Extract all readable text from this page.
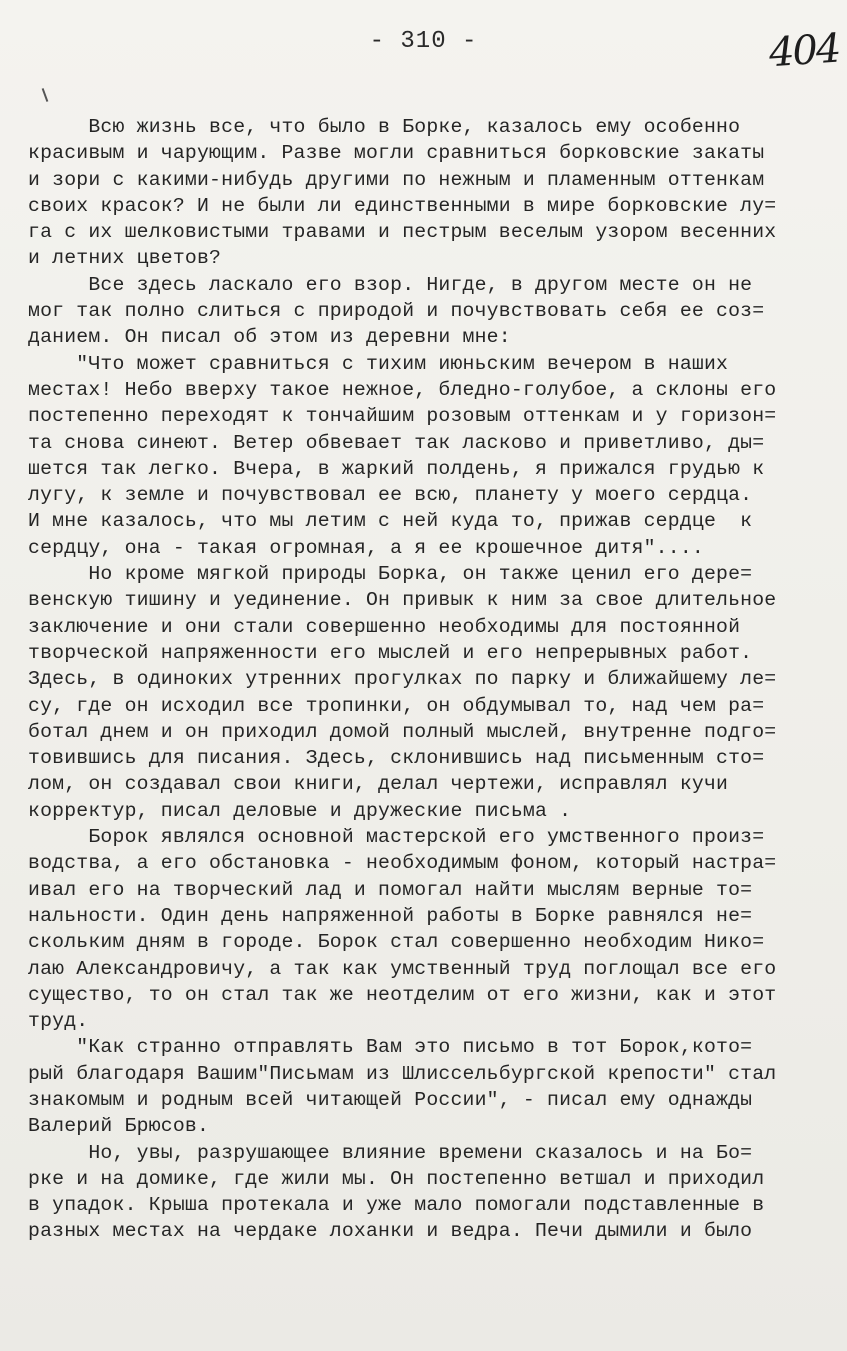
- 310 -	404
Всю жизнь все, что было в Борке, казалось ему особенно
красивым и чарующим. Разве могли сравниться борковские закаты
и зори с какими-нибудь другими по нежным и пламенным оттенкам
своих красок? И не были ли единственными в мире борковские лу=
га с их шелковистыми травами и пестрым веселым узором весенних
и летних цветов?
Все здесь ласкало его взор. Нигде, в другом месте он не
мог так полно слиться с природой и почувствовать себя ее соз=
данием. Он писал об этом из деревни мне:
"Что может сравниться с тихим июньским вечером в наших
местах! Небо вверху такое нежное, бледно-голубое, а склоны его
постепенно переходят к тончайшим розовым оттенкам и у горизон=
та снова синеют. Ветер обвевает так ласково и приветливо, ды=
шется так легко. Вчера, в жаркий полдень, я прижался грудью к
лугу, к земле и почувствовал ее всю, планету у моего сердца.
И мне казалось, что мы летим с ней куда то, прижав сердце  к
сердцу, она - такая огромная, а я ее крошечное дитя"....
Но кроме мягкой природы Борка, он также ценил его дере=
венскую тишину и уединение. Он привык к ним за свое длительное
заключение и они стали совершенно необходимы для постоянной
творческой напряженности его мыслей и его непрерывных работ.
Здесь, в одиноких утренних прогулках по парку и ближайшему ле=
су, где он исходил все тропинки, он обдумывал то, над чем ра=
ботал днем и он приходил домой полный мыслей, внутренне подго=
товившись для писания. Здесь, склонившись над письменным сто=
лом, он создавал свои книги, делал чертежи, исправлял кучи
корректур, писал деловые и дружеские письма .
Борок являлся основной мастерской его умственного произ=
водства, а его обстановка - необходимым фоном, который настра=
ивал его на творческий лад и помогал найти мыслям верные то=
нальности. Один день напряженной работы в Борке равнялся не=
скольким дням в городе. Борок стал совершенно необходим Нико=
лаю Александровичу, а так как умственный труд поглощал все его
существо, то он стал так же неотделим от его жизни, как и этот
труд.
"Как странно отправлять Вам это письмо в тот Борок,кото=
рый благодаря Вашим"Письмам из Шлиссельбургской крепости" стал
знакомым и родным всей читающей России", - писал ему однажды
Валерий Брюсов.
Но, увы, разрушающее влияние времени сказалось и на Бо=
рке и на домике, где жили мы. Он постепенно ветшал и приходил
в упадок. Крыша протекала и уже мало помогали подставленные в
разных местах на чердаке лоханки и ведра. Печи дымили и было
